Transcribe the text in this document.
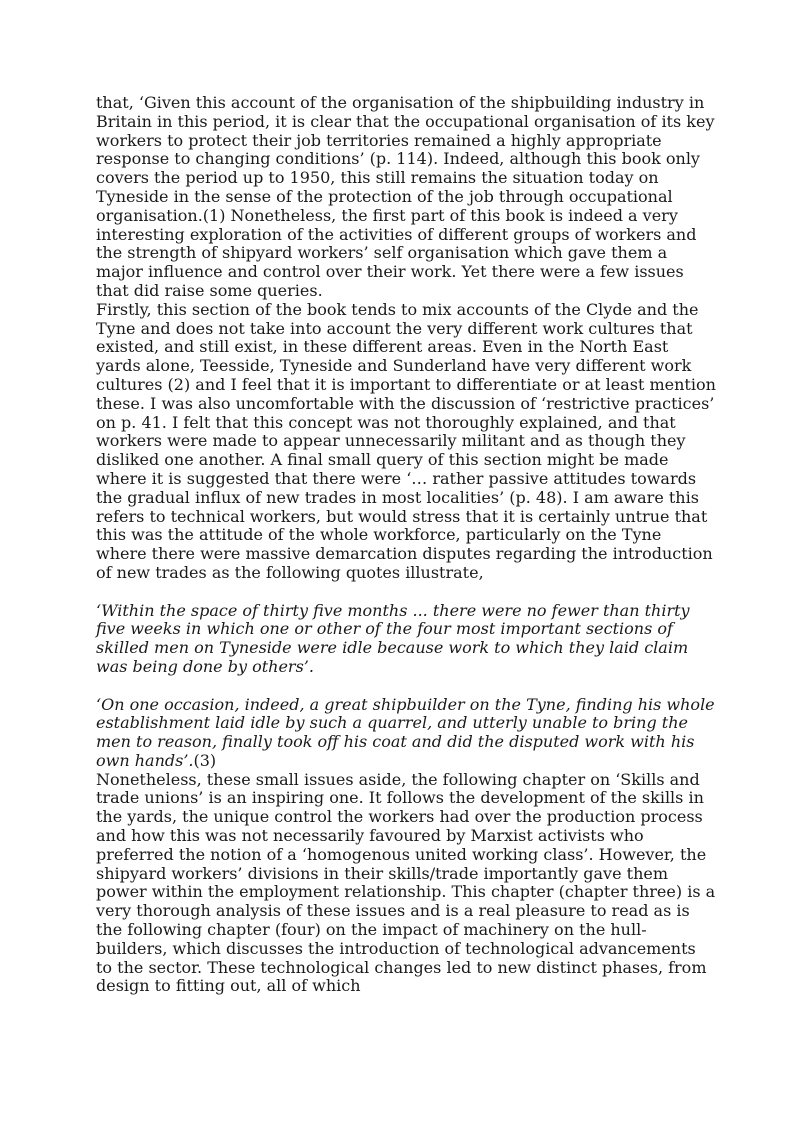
that, ‘Given this account of the organisation of the shipbuilding industry in Britain in this period, it is clear that the occupational organisation of its key workers to protect their job territories remained a highly appropriate response to changing conditions’ (p. 114). Indeed, although this book only covers the period up to 1950, this still remains the situation today on Tyneside in the sense of the protection of the job through occupational organisation.(1) Nonetheless, the first part of this book is indeed a very interesting exploration of the activities of different groups of workers and the strength of shipyard workers’ self organisation which gave them a major influence and control over their work. Yet there were a few issues that did raise some queries.

Firstly, this section of the book tends to mix accounts of the Clyde and the Tyne and does not take into account the very different work cultures that existed, and still exist, in these different areas. Even in the North East yards alone, Teesside, Tyneside and Sunderland have very different work cultures (2) and I feel that it is important to differentiate or at least mention these. I was also uncomfortable with the discussion of ‘restrictive practices’ on p. 41. I felt that this concept was not thoroughly explained, and that workers were made to appear unnecessarily militant and as though they disliked one another. A final small query of this section might be made where it is suggested that there were ‘… rather passive attitudes towards the gradual influx of new trades in most localities’ (p. 48). I am aware this refers to technical workers, but would stress that it is certainly untrue that this was the attitude of the whole workforce, particularly on the Tyne where there were massive demarcation disputes regarding the introduction of new trades as the following quotes illustrate,

‘Within the space of thirty five months ... there were no fewer than thirty five weeks in which one or other of the four most important sections of skilled men on Tyneside were idle because work to which they laid claim was being done by others’.

‘On one occasion, indeed, a great shipbuilder on the Tyne, finding his whole establishment laid idle by such a quarrel, and utterly unable to bring the men to reason, finally took off his coat and did the disputed work with his own hands’.(3)

Nonetheless, these small issues aside, the following chapter on ‘Skills and trade unions’ is an inspiring one. It follows the development of the skills in the yards, the unique control the workers had over the production process and how this was not necessarily favoured by Marxist activists who preferred the notion of a ‘homogenous united working class’. However, the shipyard workers’ divisions in their skills/trade importantly gave them power within the employment relationship. This chapter (chapter three) is a very thorough analysis of these issues and is a real pleasure to read as is the following chapter (four) on the impact of machinery on the hull-builders, which discusses the introduction of technological advancements to the sector. These technological changes led to new distinct phases, from design to fitting out, all of which
